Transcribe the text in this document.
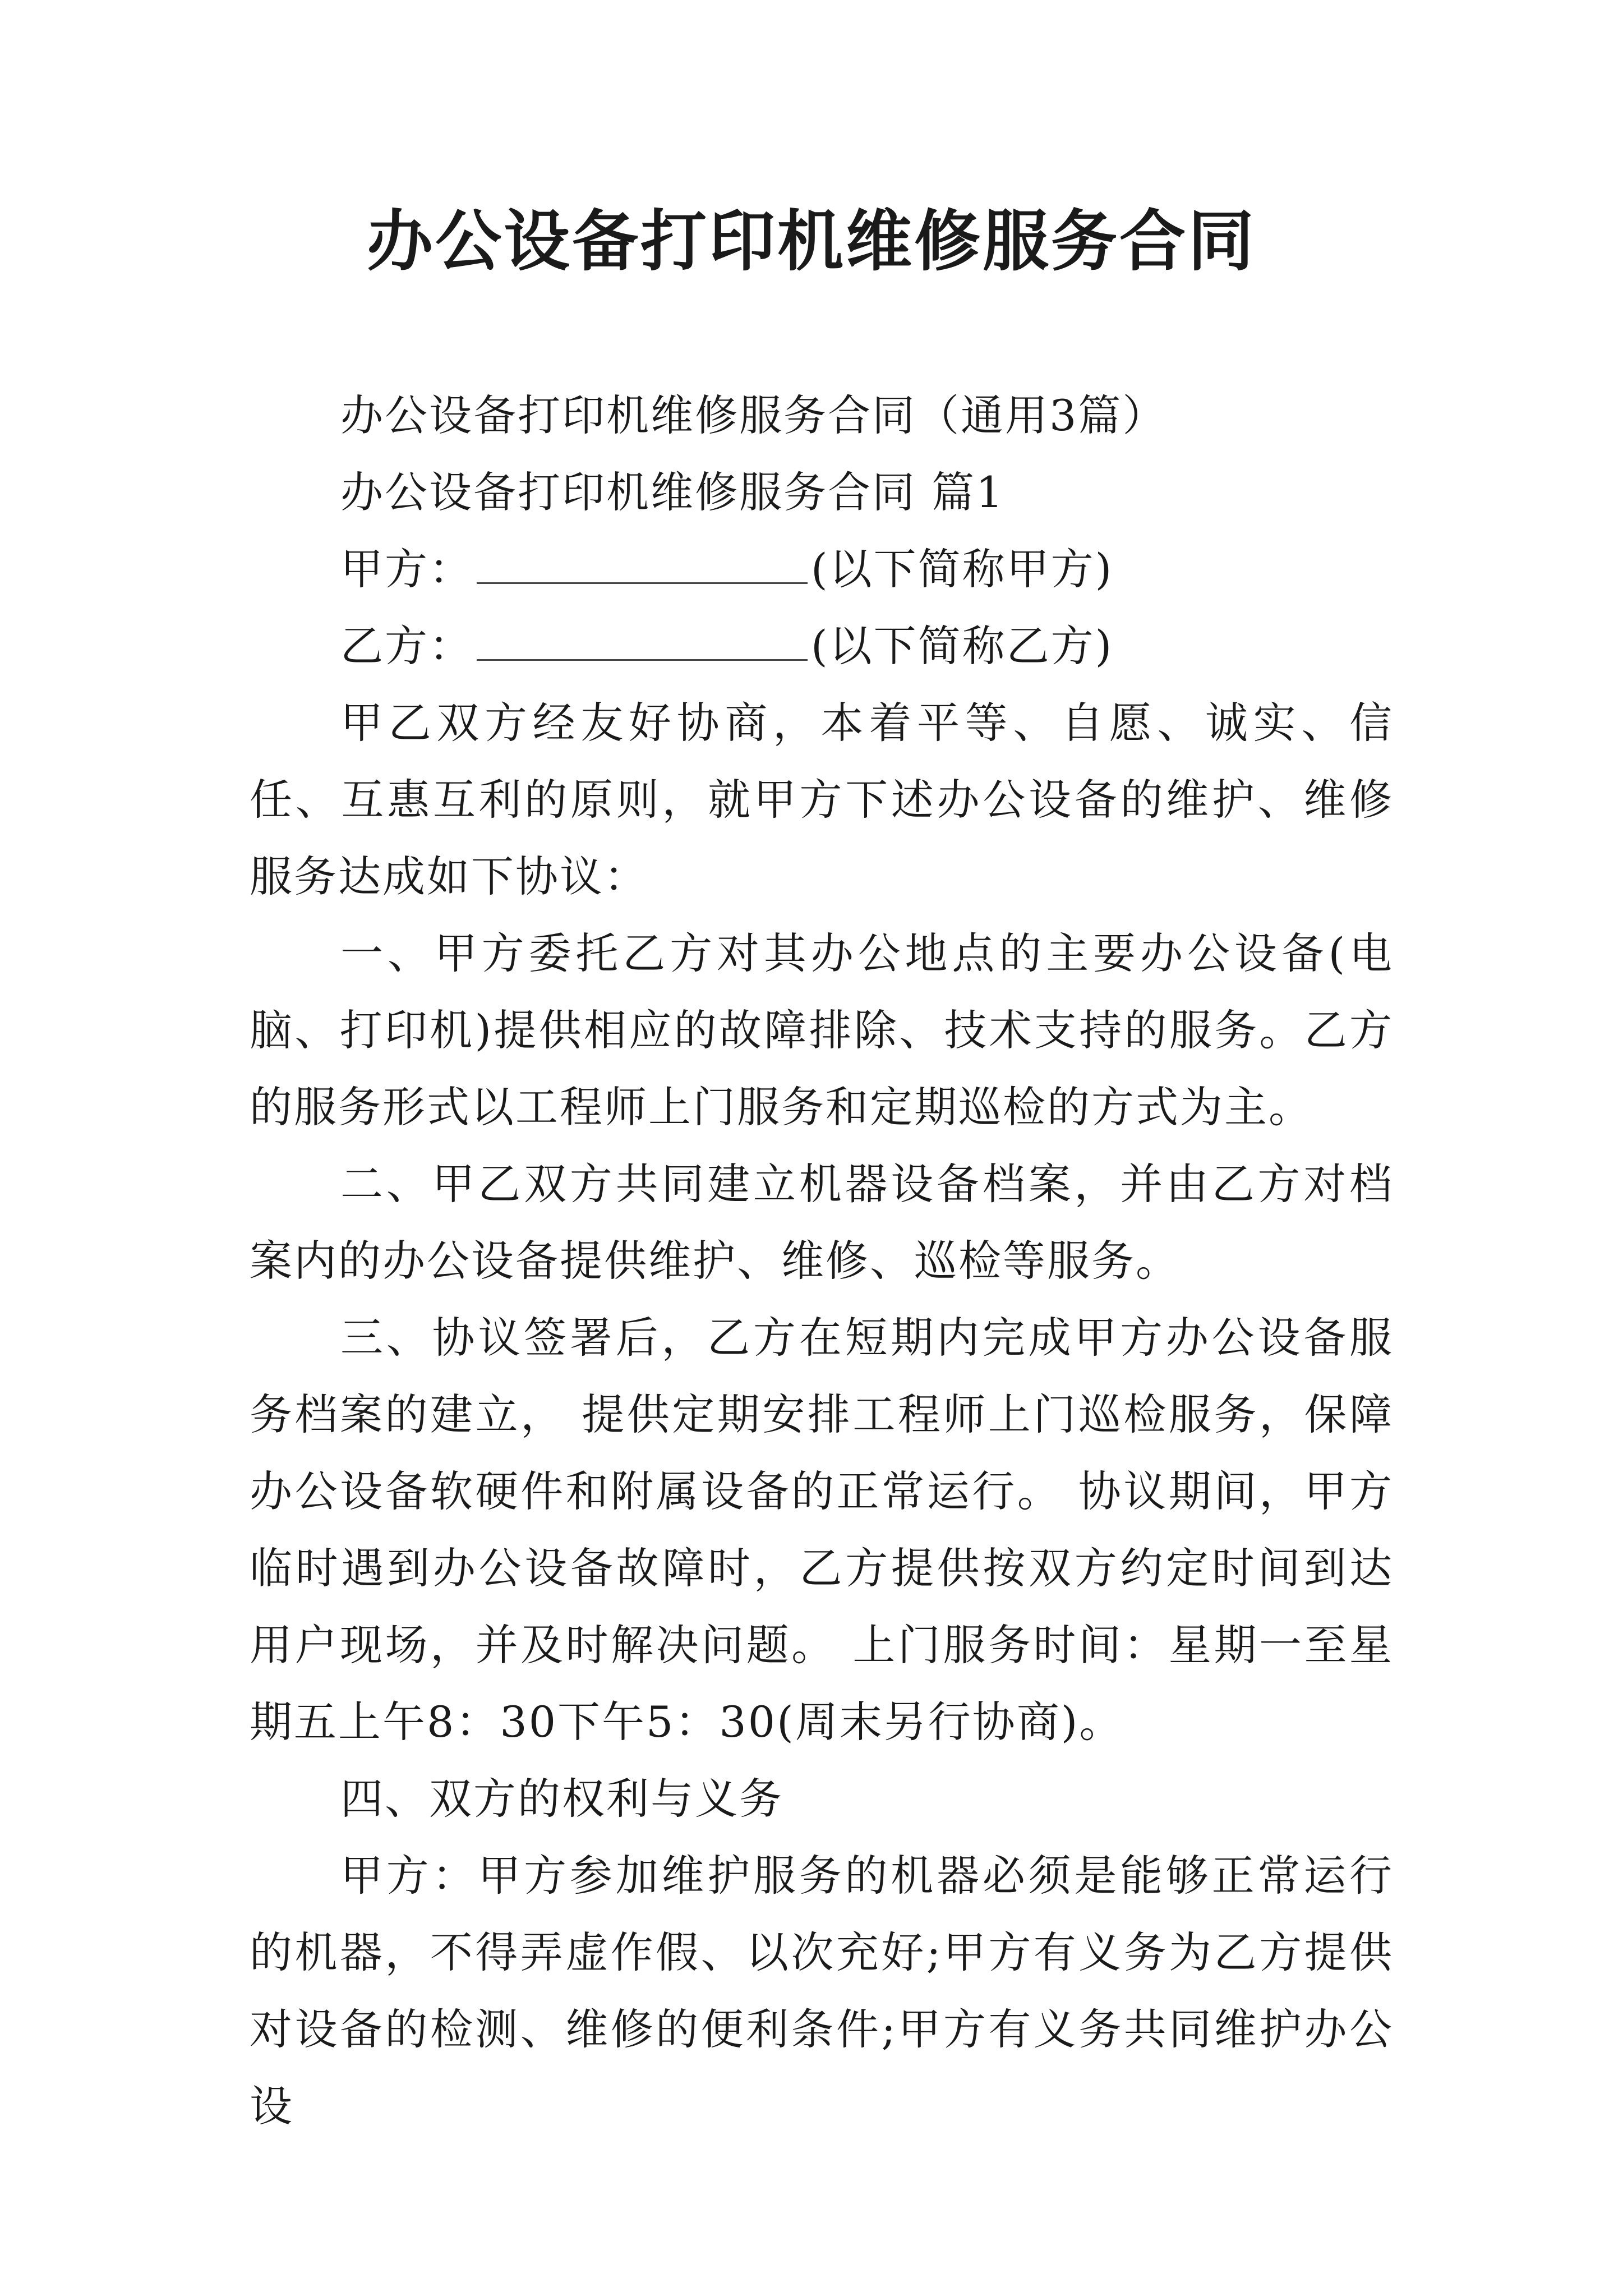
办公设备打印机维修服务合同

办公设备打印机维修服务合同（通用3篇）

办公设备打印机维修服务合同 篇1

甲方：	(以下简称甲方)

乙方：	(以下简称乙方)

甲乙双方经友好协商，本着平等、自愿、诚实、信任、互惠互利的原则，就甲方下述办公设备的维护、维修服务达成如下协议：

一、甲方委托乙方对其办公地点的主要办公设备(电脑、打印机)提供相应的故障排除、技术支持的服务。乙方的服务形式以工程师上门服务和定期巡检的方式为主。

二、甲乙双方共同建立机器设备档案，并由乙方对档案内的办公设备提供维护、维修、巡检等服务。

三、协议签署后，乙方在短期内完成甲方办公设备服务档案的建立， 提供定期安排工程师上门巡检服务，保障办公设备软硬件和附属设备的正常运行。 协议期间，甲方临时遇到办公设备故障时，乙方提供按双方约定时间到达用户现场，并及时解决问题。 上门服务时间：星期一至星期五上午8：30下午5：30(周末另行协商)。

四、双方的权利与义务

甲方：甲方参加维护服务的机器必须是能够正常运行的机器，不得弄虚作假、以次充好;甲方有义务为乙方提供对设备的检测、维修的便利条件;甲方有义务共同维护办公设
